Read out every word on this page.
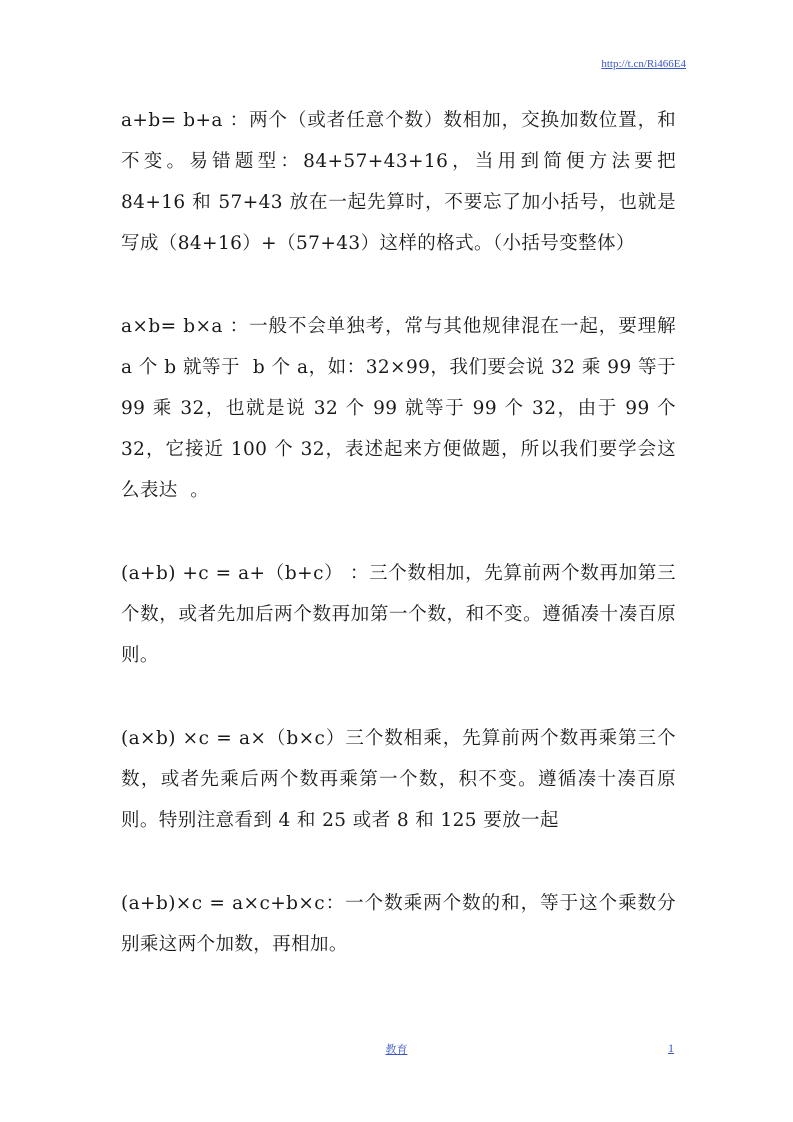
http://t.cn/Ri466E4

a+b= b+a ：两个（或者任意个数）数相加，交换加数位置，和不变。易错题型：84+57+43+16，当用到简便方法要把 84+16 和 57+43 放在一起先算时，不要忘了加小括号，也就是写成（84+16）+（57+43）这样的格式。（小括号变整体）

a×b= b×a ：一般不会单独考，常与其他规律混在一起，要理解 a 个 b 就等于  b 个 a，如：32×99，我们要会说 32 乘 99 等于 99 乘 32，也就是说 32 个 99 就等于 99 个 32，由于 99 个 32，它接近 100 个 32，表述起来方便做题，所以我们要学会这么表达  。

(a+b) +c = a+（b+c） ：三个数相加，先算前两个数再加第三个数，或者先加后两个数再加第一个数，和不变。遵循凑十凑百原则。

(a×b) ×c = a×（b×c）三个数相乘，先算前两个数再乘第三个数，或者先乘后两个数再乘第一个数，积不变。遵循凑十凑百原则。特别注意看到 4 和 25 或者 8 和 125 要放一起

(a+b)×c = a×c+b×c：一个数乘两个数的和，等于这个乘数分别乘这两个加数，再相加。

教育	1
